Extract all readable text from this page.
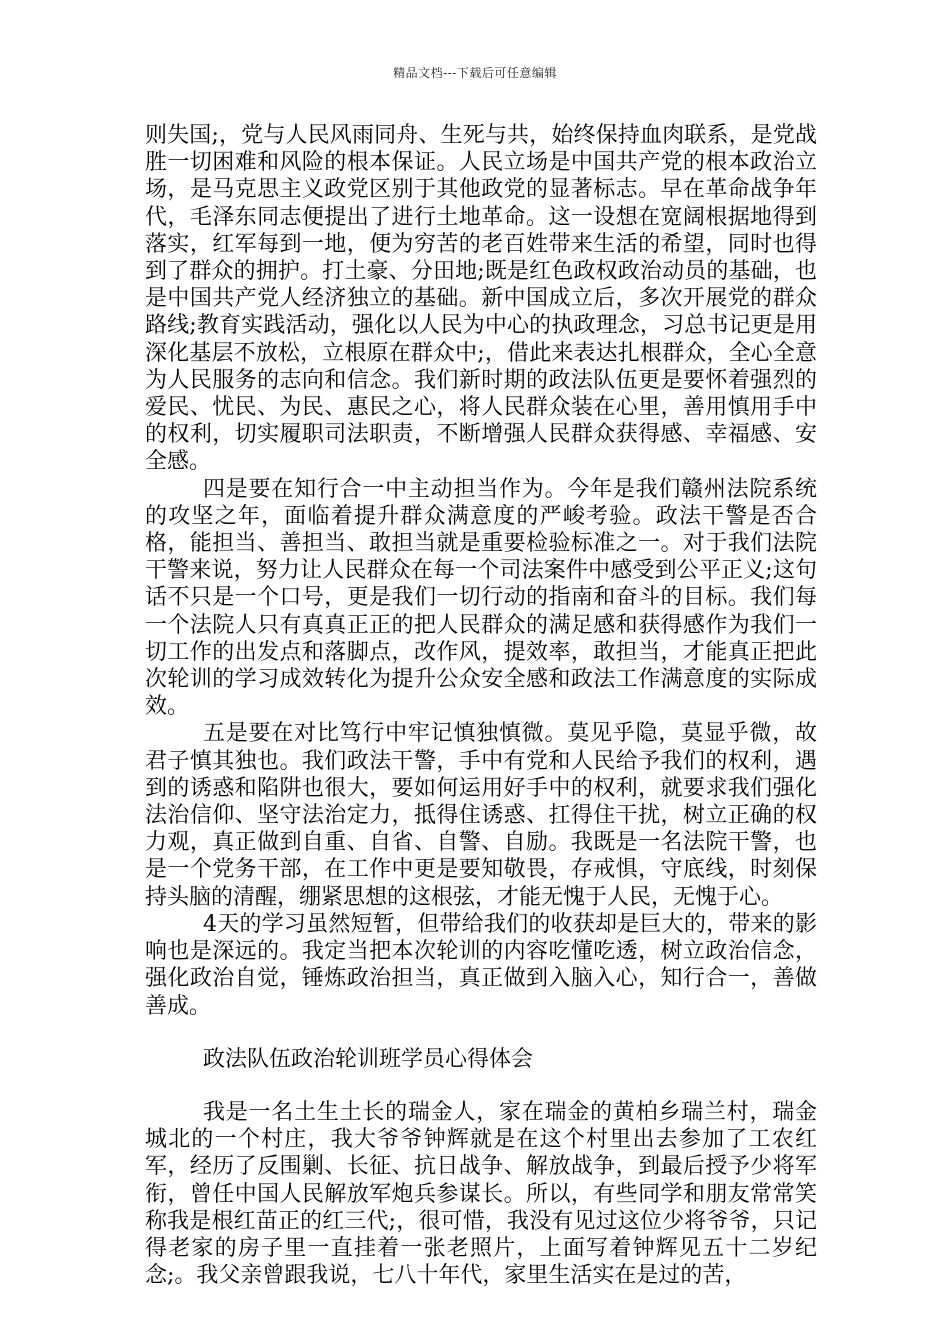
精品文档---下载后可任意编辑

则失国;，党与人民风雨同舟、生死与共，始终保持血肉联系，是党战胜一切困难和风险的根本保证。人民立场是中国共产党的根本政治立场，是马克思主义政党区别于其他政党的显著标志。早在革命战争年代，毛泽东同志便提出了进行土地革命。这一设想在宽阔根据地得到落实，红军每到一地，便为穷苦的老百姓带来生活的希望，同时也得到了群众的拥护。打土豪、分田地;既是红色政权政治动员的基础，也是中国共产党人经济独立的基础。新中国成立后，多次开展党的群众路线;教育实践活动，强化以人民为中心的执政理念，习总书记更是用深化基层不放松，立根原在群众中;，借此来表达扎根群众，全心全意为人民服务的志向和信念。我们新时期的政法队伍更是要怀着强烈的爱民、忧民、为民、惠民之心，将人民群众装在心里，善用慎用手中的权利，切实履职司法职责，不断增强人民群众获得感、幸福感、安全感。

四是要在知行合一中主动担当作为。今年是我们赣州法院系统的攻坚之年，面临着提升群众满意度的严峻考验。政法干警是否合格，能担当、善担当、敢担当就是重要检验标准之一。对于我们法院干警来说，努力让人民群众在每一个司法案件中感受到公平正义;这句话不只是一个口号，更是我们一切行动的指南和奋斗的目标。我们每一个法院人只有真真正正的把人民群众的满足感和获得感作为我们一切工作的出发点和落脚点，改作风，提效率，敢担当，才能真正把此次轮训的学习成效转化为提升公众安全感和政法工作满意度的实际成效。

五是要在对比笃行中牢记慎独慎微。莫见乎隐，莫显乎微，故君子慎其独也。我们政法干警，手中有党和人民给予我们的权利，遇到的诱惑和陷阱也很大，要如何运用好手中的权利，就要求我们强化法治信仰、坚守法治定力，抵得住诱惑、扛得住干扰，树立正确的权力观，真正做到自重、自省、自警、自励。我既是一名法院干警，也是一个党务干部，在工作中更是要知敬畏，存戒惧，守底线，时刻保持头脑的清醒，绷紧思想的这根弦，才能无愧于人民，无愧于心。

4天的学习虽然短暂，但带给我们的收获却是巨大的，带来的影响也是深远的。我定当把本次轮训的内容吃懂吃透，树立政治信念，强化政治自觉，锤炼政治担当，真正做到入脑入心，知行合一，善做善成。

政法队伍政治轮训班学员心得体会

我是一名土生土长的瑞金人，家在瑞金的黄柏乡瑞兰村，瑞金城北的一个村庄，我大爷爷钟辉就是在这个村里出去参加了工农红军，经历了反围剿、长征、抗日战争、解放战争，到最后授予少将军衔，曾任中国人民解放军炮兵参谋长。所以，有些同学和朋友常常笑称我是根红苗正的红三代;，很可惜，我没有见过这位少将爷爷，只记得老家的房子里一直挂着一张老照片，上面写着钟辉见五十二岁纪念;。我父亲曾跟我说，七八十年代，家里生活实在是过的苦，
